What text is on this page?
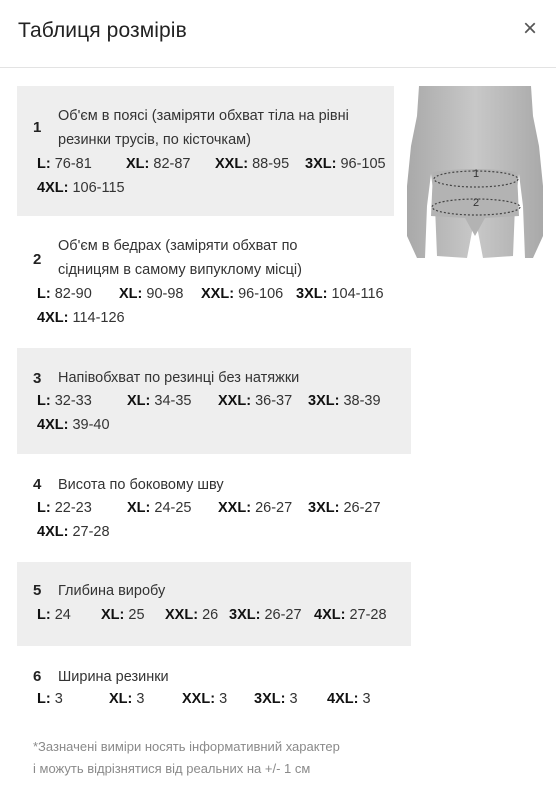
Таблиця розмірів	×
1
2
1
Об'єм в поясі (заміряти обхват тіла на рівні
резинки трусів, по кісточкам)
L: 76-81 XL: 82-87 XXL: 88-95 3XL: 96-105
4XL: 106-115
2
Об'єм в бедрах (заміряти обхват по
сідницям в самому випуклому місці)
L: 82-90 XL: 90-98 XXL: 96-106 3XL: 104-116
4XL: 114-126
3 Напівобхват по резинці без натяжки
L: 32-33 XL: 34-35 XXL: 36-37 3XL: 38-39
4XL: 39-40
4 Висота по боковому шву
L: 22-23 XL: 24-25 XXL: 26-27 3XL: 26-27
4XL: 27-28
5 Глибина виробу
L: 24 XL: 25 XXL: 26 3XL: 26-27 4XL: 27-28
6 Ширина резинки
L: 3	XL: 3	XXL: 3 3XL: 3 4XL: 3
*Зазначені виміри носять інформативний характер
і можуть відрізнятися від реальних на +/- 1 см
